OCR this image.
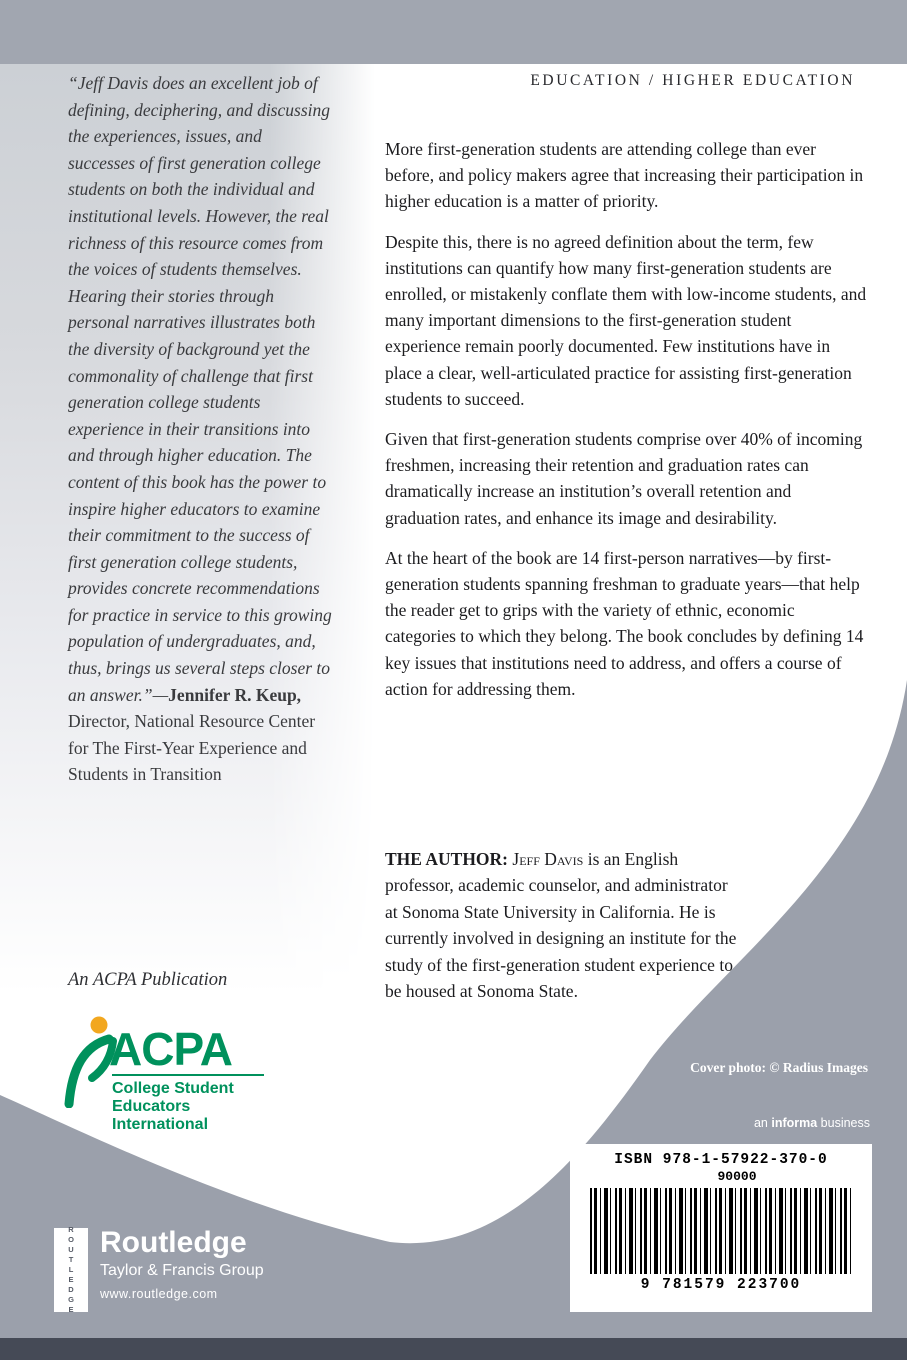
“Jeff Davis does an excellent job of defining, deciphering, and discussing the experiences, issues, and successes of first generation college students on both the individual and institutional levels. However, the real richness of this resource comes from the voices of students themselves. Hearing their stories through personal narratives illustrates both the diversity of background yet the commonality of challenge that first generation college students experience in their transitions into and through higher education. The content of this book has the power to inspire higher educators to examine their commitment to the success of first generation college students, provides concrete recommendations for practice in service to this growing population of undergraduates, and, thus, brings us several steps closer to an answer.”—Jennifer R. Keup, Director, National Resource Center for The First-Year Experience and Students in Transition
An ACPA Publication
ACPA
College Student
Educators International
EDUCATION / HIGHER EDUCATION

More first-generation students are attending college than ever before, and policy makers agree that increasing their participation in higher education is a matter of priority.

Despite this, there is no agreed definition about the term, few institutions can quantify how many first-generation students are enrolled, or mistakenly conflate them with low-income students, and many important dimensions to the first-generation student experience remain poorly documented. Few institutions have in place a clear, well-articulated practice for assisting first-generation students to succeed.

Given that first-generation students comprise over 40% of incoming freshmen, increasing their retention and graduation rates can dramatically increase an institution’s overall retention and graduation rates, and enhance its image and desirability.

At the heart of the book are 14 first-person narratives—by first-generation students spanning freshman to graduate years—that help the reader get to grips with the variety of ethnic, economic categories to which they belong. The book concludes by defining 14 key issues that institutions need to address, and offers a course of action for addressing them.

THE AUTHOR: Jeff Davis is an English professor, academic counselor, and administrator at Sonoma State University in California. He is currently involved in designing an institute for the study of the first-generation student experience to be housed at Sonoma State.
Cover photo: © Radius Images
an informa business
ISBN 978-1-57922-370-0
90000
9 781579 223700
ROUTLEDGE Routledge
Taylor & Francis Group
www.routledge.com
